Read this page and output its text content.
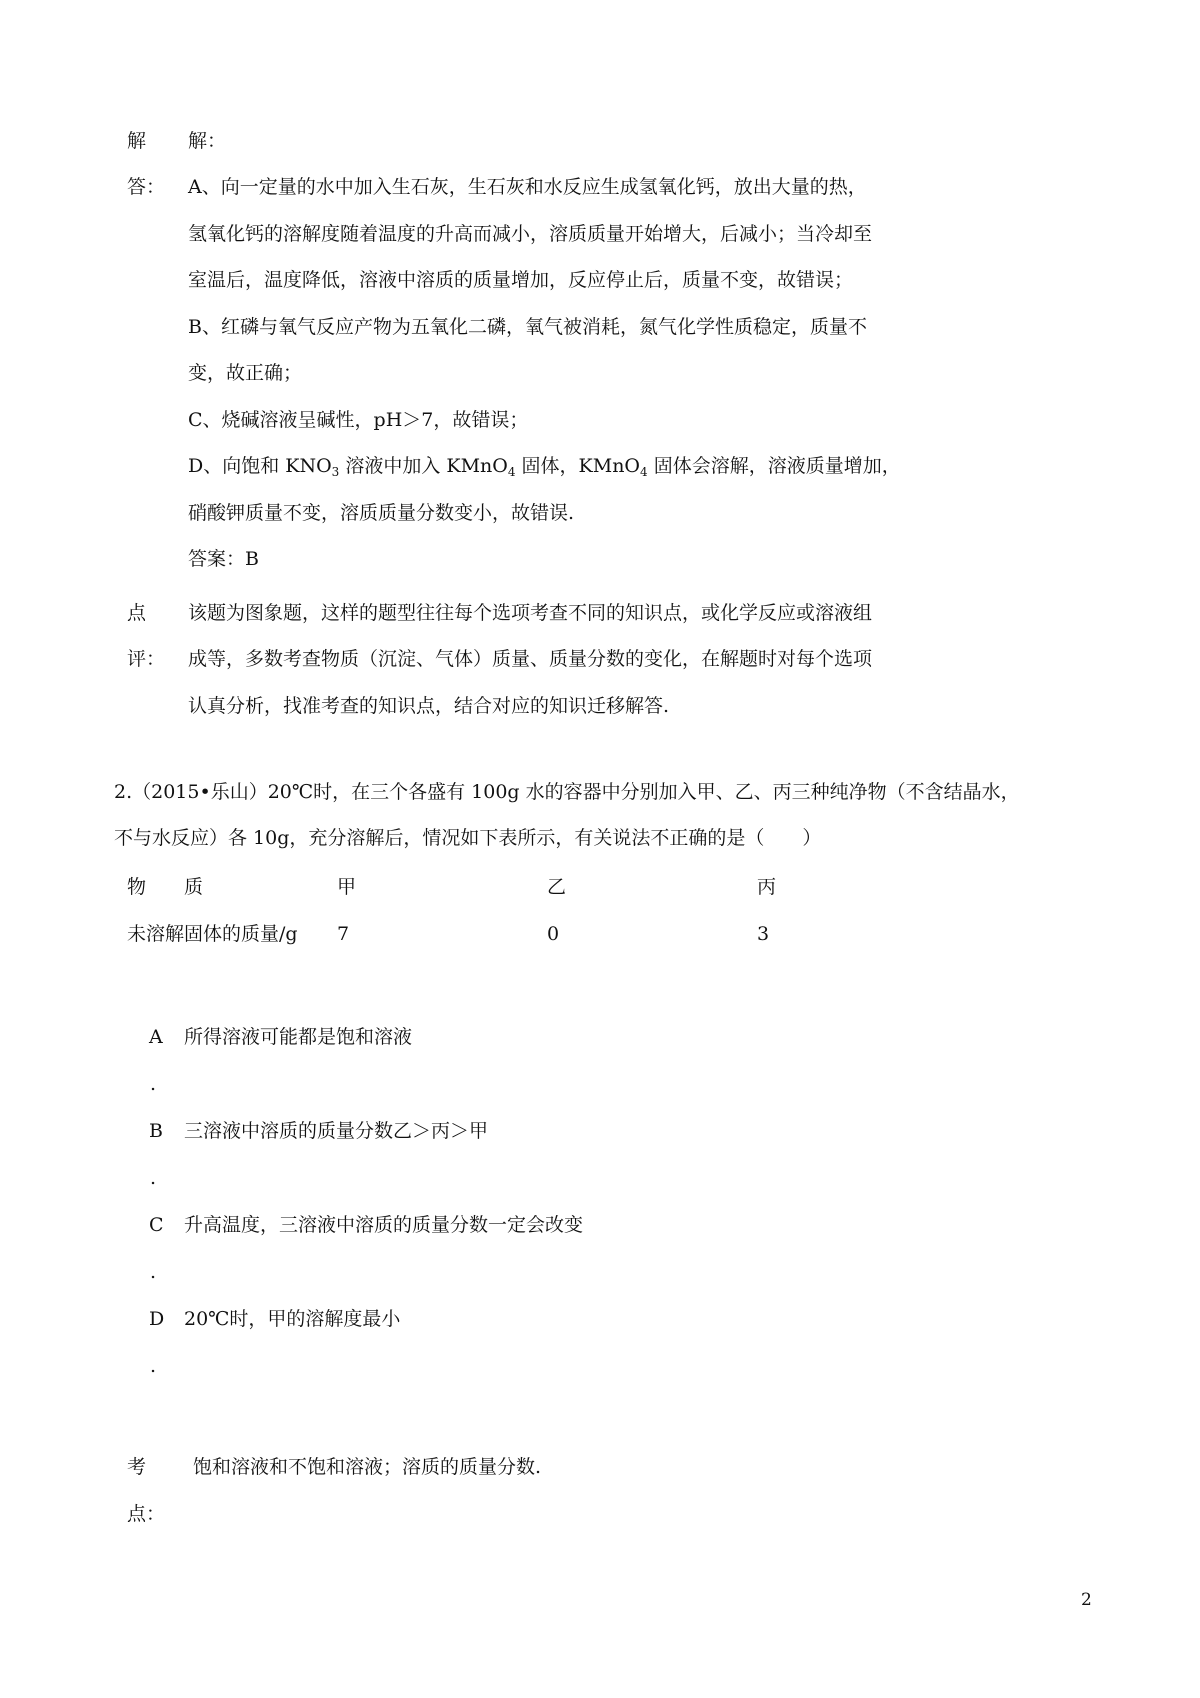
解
答：
解：
A、向一定量的水中加入生石灰，生石灰和水反应生成氢氧化钙，放出大量的热，
氢氧化钙的溶解度随着温度的升高而减小，溶质质量开始增大，后减小；当冷却至
室温后，温度降低，溶液中溶质的质量增加，反应停止后，质量不变，故错误；
B、红磷与氧气反应产物为五氧化二磷，氧气被消耗，氮气化学性质稳定，质量不
变，故正确；
C、烧碱溶液呈碱性，pH＞7，故错误；
D、向饱和 $KNO_3$ 溶液中加入 KMnO$_4$ 固体，KMnO$_4$ 固体会溶解，溶液质量增加，
硝酸钾质量不变，溶质质量分数变小，故错误.
答案：B
点
评：
该题为图象题，这样的题型往往每个选项考查不同的知识点，或化学反应或溶液组
成等，多数考查物质（沉淀、气体）质量、质量分数的变化，在解题时对每个选项
认真分析，找准考查的知识点，结合对应的知识迁移解答.
2.（2015•乐山）20℃时，在三个各盛有 100g 水的容器中分别加入甲、乙、丙三种纯净物（不含结晶水，
不与水反应）各 10g，充分溶解后，情况如下表所示，有关说法不正确的是（　　）
物　　质	甲	乙	丙
未溶解固体的质量/g 7	0	3
A 所得溶液可能都是饱和溶液
.
B 三溶液中溶质的质量分数乙＞丙＞甲
.
C 升高温度，三溶液中溶质的质量分数一定会改变
.
D 20℃时，甲的溶解度最小
.
考
点：
饱和溶液和不饱和溶液；溶质的质量分数.
2
